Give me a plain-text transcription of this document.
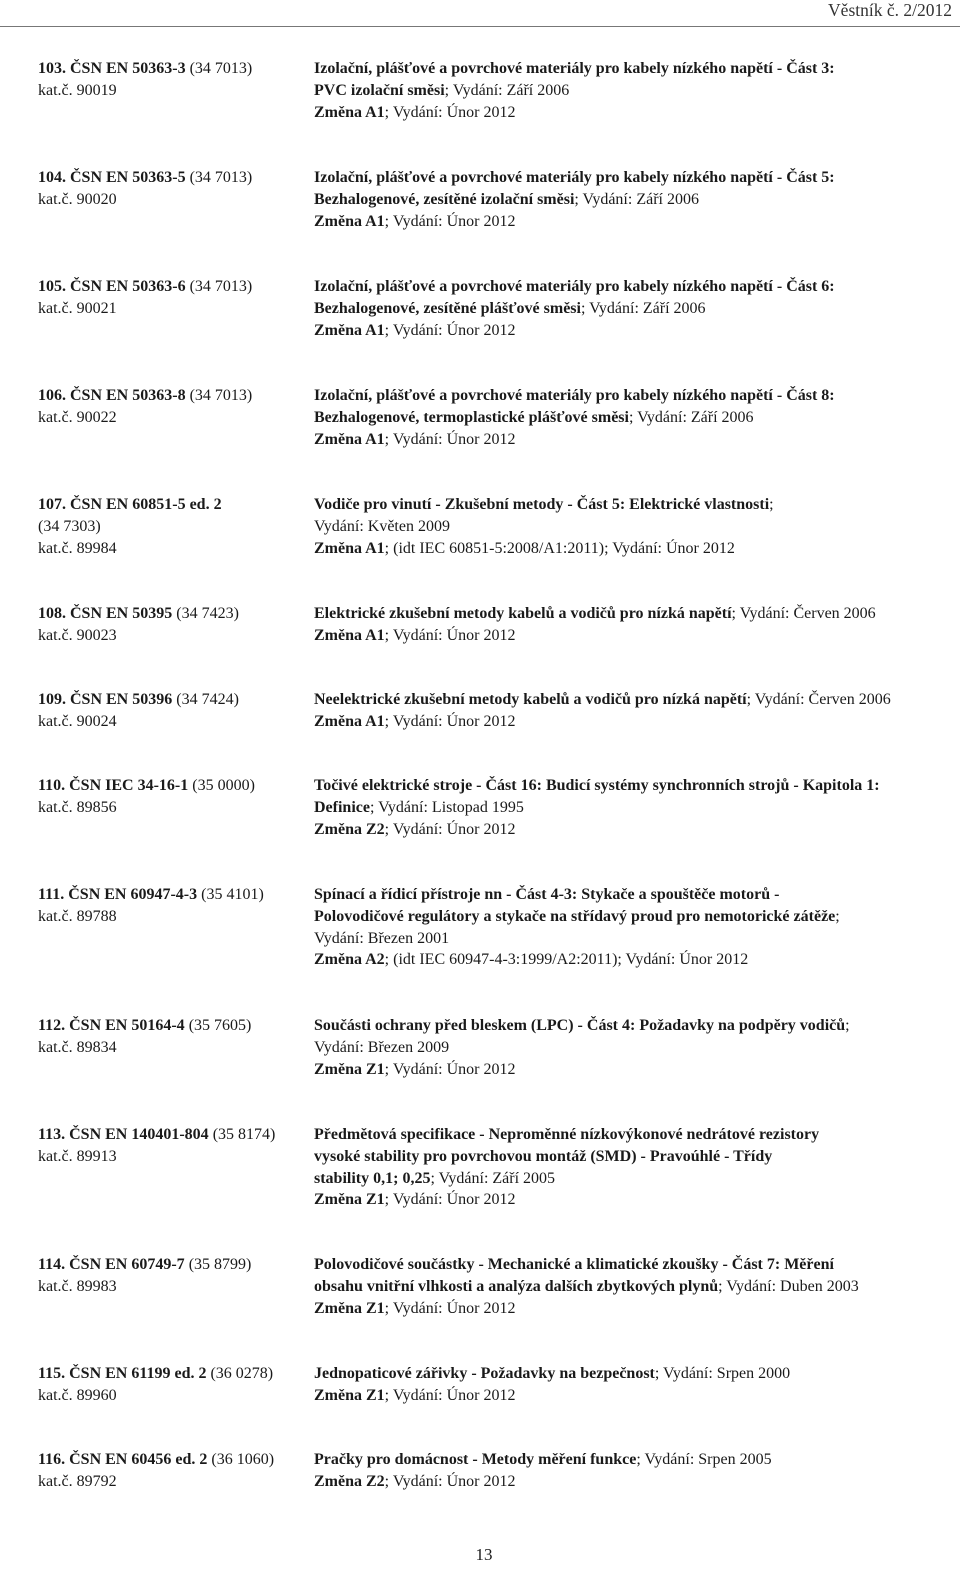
Věstník č. 2/2012
103. ČSN EN 50363-3 (34 7013)
kat.č. 90019
Izolační, plášťové a povrchové materiály pro kabely nízkého napětí - Část 3:
PVC izolační směsi; Vydání: Září 2006
Změna A1; Vydání: Únor 2012
104. ČSN EN 50363-5 (34 7013)
kat.č. 90020
Izolační, plášťové a povrchové materiály pro kabely nízkého napětí - Část 5:
Bezhalogenové, zesítěné izolační směsi; Vydání: Září 2006
Změna A1; Vydání: Únor 2012
105. ČSN EN 50363-6 (34 7013)
kat.č. 90021
Izolační, plášťové a povrchové materiály pro kabely nízkého napětí - Část 6:
Bezhalogenové, zesítěné plášťové směsi; Vydání: Září 2006
Změna A1; Vydání: Únor 2012
106. ČSN EN 50363-8 (34 7013)
kat.č. 90022
Izolační, plášťové a povrchové materiály pro kabely nízkého napětí - Část 8:
Bezhalogenové, termoplastické plášťové směsi; Vydání: Září 2006
Změna A1; Vydání: Únor 2012
107. ČSN EN 60851-5 ed. 2
(34 7303)
kat.č. 89984
Vodiče pro vinutí - Zkušební metody - Část 5: Elektrické vlastnosti;
Vydání: Květen 2009
Změna A1; (idt IEC 60851-5:2008/A1:2011); Vydání: Únor 2012
108. ČSN EN 50395 (34 7423)
kat.č. 90023
Elektrické zkušební metody kabelů a vodičů pro nízká napětí; Vydání: Červen 2006
Změna A1; Vydání: Únor 2012
109. ČSN EN 50396 (34 7424)
kat.č. 90024
Neelektrické zkušební metody kabelů a vodičů pro nízká napětí; Vydání: Červen 2006
Změna A1; Vydání: Únor 2012
110. ČSN IEC 34-16-1 (35 0000)
kat.č. 89856
Točivé elektrické stroje - Část 16: Budicí systémy synchronních strojů - Kapitola 1:
Definice; Vydání: Listopad 1995
Změna Z2; Vydání: Únor 2012
111. ČSN EN 60947-4-3 (35 4101)
kat.č. 89788
Spínací a řídicí přístroje nn - Část 4-3: Stykače a spouštěče motorů -
Polovodičové regulátory a stykače na střídavý proud pro nemotorické zátěže;
Vydání: Březen 2001
Změna A2; (idt IEC 60947-4-3:1999/A2:2011); Vydání: Únor 2012
112. ČSN EN 50164-4 (35 7605)
kat.č. 89834
Součásti ochrany před bleskem (LPC) - Část 4: Požadavky na podpěry vodičů;
Vydání: Březen 2009
Změna Z1; Vydání: Únor 2012
113. ČSN EN 140401-804 (35 8174)
kat.č. 89913
Předmětová specifikace - Neproměnné nízkovýkonové nedrátové rezistory
vysoké stability pro povrchovou montáž (SMD) - Pravoúhlé - Třídy
stability 0,1; 0,25; Vydání: Září 2005
Změna Z1; Vydání: Únor 2012
114. ČSN EN 60749-7 (35 8799)
kat.č. 89983
Polovodičové součástky - Mechanické a klimatické zkoušky - Část 7: Měření
obsahu vnitřní vlhkosti a analýza dalších zbytkových plynů; Vydání: Duben 2003
Změna Z1; Vydání: Únor 2012
115. ČSN EN 61199 ed. 2 (36 0278)
kat.č. 89960
Jednopaticové zářivky - Požadavky na bezpečnost; Vydání: Srpen 2000
Změna Z1; Vydání: Únor 2012
116. ČSN EN 60456 ed. 2 (36 1060)
kat.č. 89792
Pračky pro domácnost - Metody měření funkce; Vydání: Srpen 2005
Změna Z2; Vydání: Únor 2012
13
